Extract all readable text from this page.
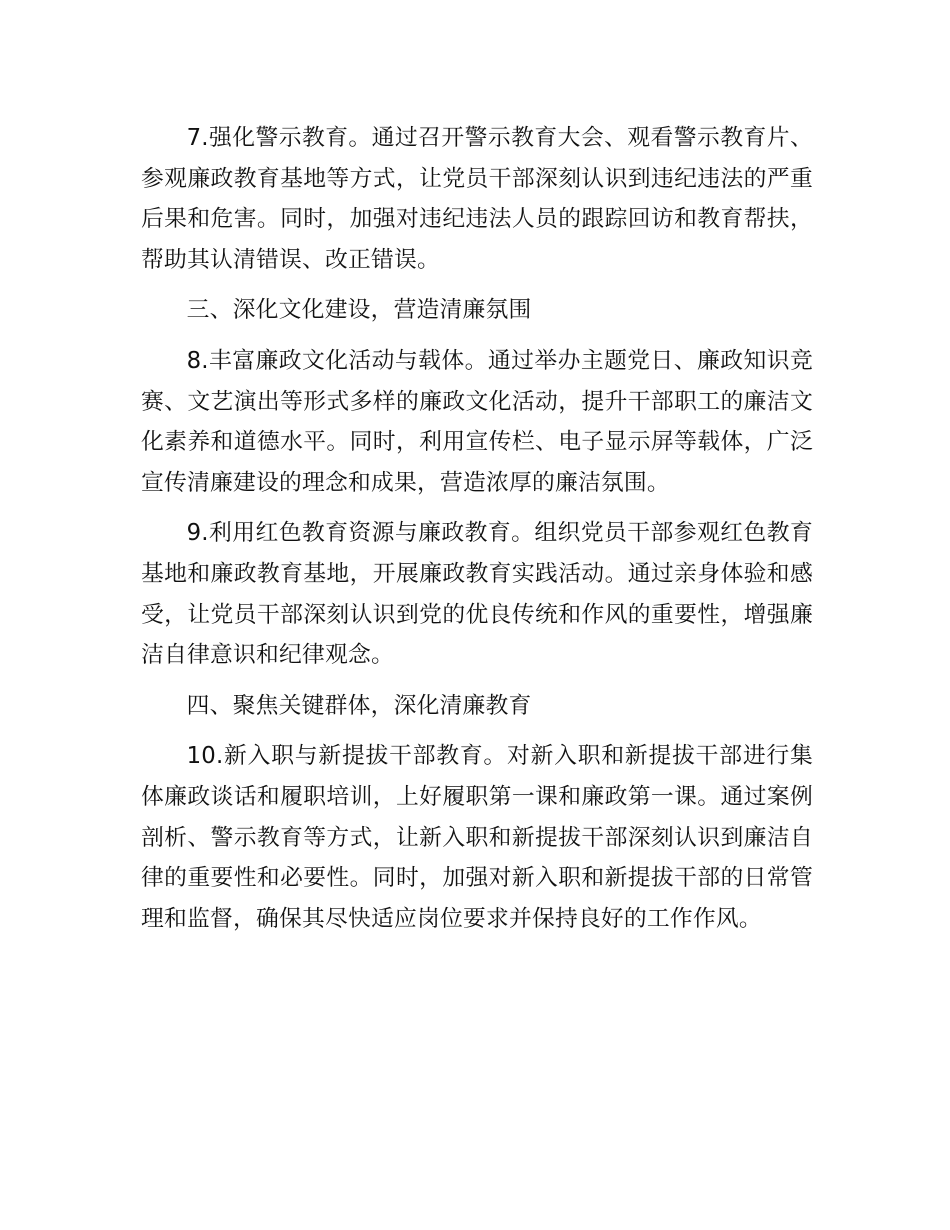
7.强化警示教育。通过召开警示教育大会、观看警示教育片、参观廉政教育基地等方式，让党员干部深刻认识到违纪违法的严重后果和危害。同时，加强对违纪违法人员的跟踪回访和教育帮扶，帮助其认清错误、改正错误。

三、深化文化建设，营造清廉氛围

8.丰富廉政文化活动与载体。通过举办主题党日、廉政知识竞赛、文艺演出等形式多样的廉政文化活动，提升干部职工的廉洁文化素养和道德水平。同时，利用宣传栏、电子显示屏等载体，广泛宣传清廉建设的理念和成果，营造浓厚的廉洁氛围。

9.利用红色教育资源与廉政教育。组织党员干部参观红色教育基地和廉政教育基地，开展廉政教育实践活动。通过亲身体验和感受，让党员干部深刻认识到党的优良传统和作风的重要性，增强廉洁自律意识和纪律观念。

四、聚焦关键群体，深化清廉教育

10.新入职与新提拔干部教育。对新入职和新提拔干部进行集体廉政谈话和履职培训，上好履职第一课和廉政第一课。通过案例剖析、警示教育等方式，让新入职和新提拔干部深刻认识到廉洁自律的重要性和必要性。同时，加强对新入职和新提拔干部的日常管理和监督，确保其尽快适应岗位要求并保持良好的工作作风。
